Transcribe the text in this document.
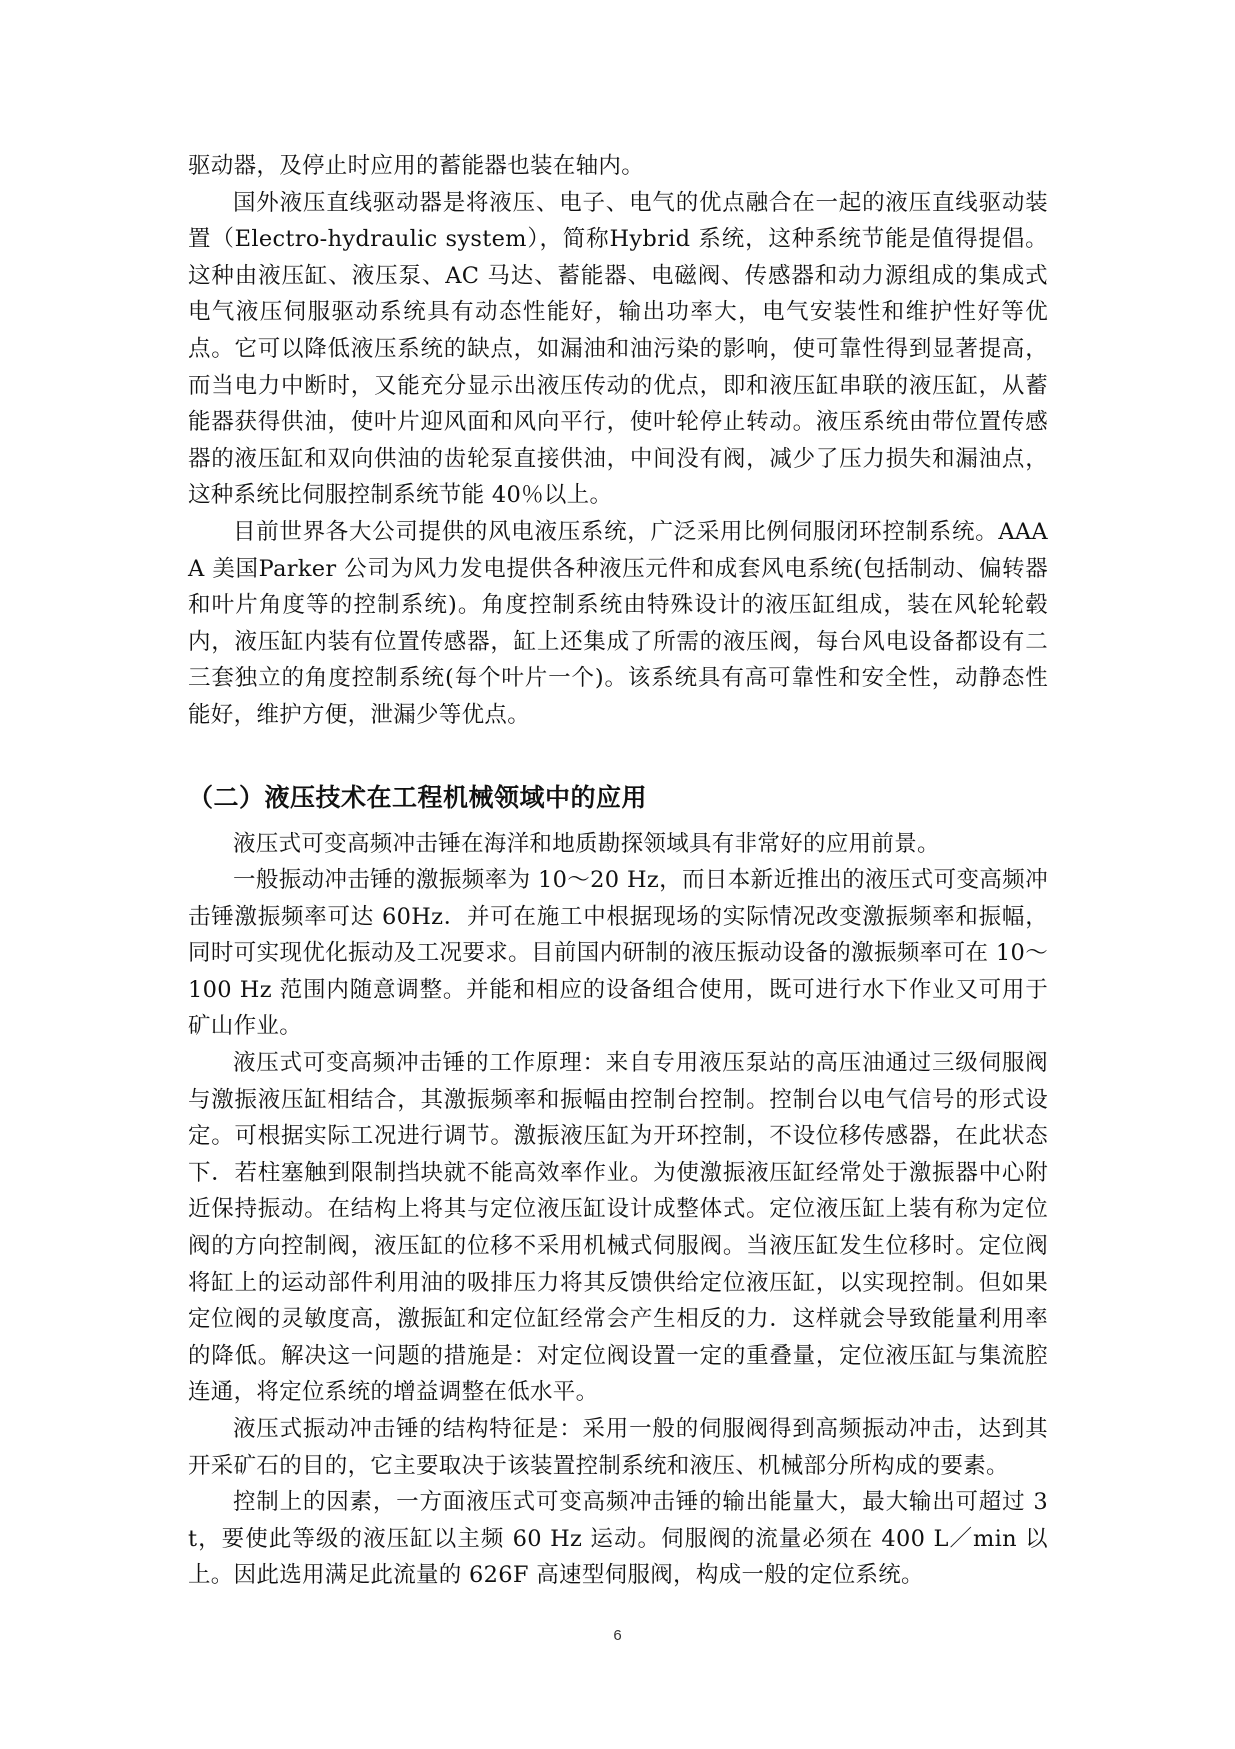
驱动器，及停止时应用的蓄能器也装在轴内。

国外液压直线驱动器是将液压、电子、电气的优点融合在一起的液压直线驱动装置（Electro-hydraulic system），简称Hybrid 系统，这种系统节能是值得提倡。这种由液压缸、液压泵、AC 马达、蓄能器、电磁阀、传感器和动力源组成的集成式电气液压伺服驱动系统具有动态性能好，输出功率大，电气安装性和维护性好等优点。它可以降低液压系统的缺点，如漏油和油污染的影响，使可靠性得到显著提高，而当电力中断时，又能充分显示出液压传动的优点，即和液压缸串联的液压缸，从蓄能器获得供油，使叶片迎风面和风向平行，使叶轮停止转动。液压系统由带位置传感器的液压缸和双向供油的齿轮泵直接供油，中间没有阀，减少了压力损失和漏油点，这种系统比伺服控制系统节能 40％以上。

目前世界各大公司提供的风电液压系统，广泛采用比例伺服闭环控制系统。AAAA 美国Parker 公司为风力发电提供各种液压元件和成套风电系统(包括制动、偏转器和叶片角度等的控制系统)。角度控制系统由特殊设计的液压缸组成，装在风轮轮毂内，液压缸内装有位置传感器，缸上还集成了所需的液压阀，每台风电设备都设有二三套独立的角度控制系统(每个叶片一个)。该系统具有高可靠性和安全性，动静态性能好，维护方便，泄漏少等优点。

（二）液压技术在工程机械领域中的应用

液压式可变高频冲击锤在海洋和地质勘探领域具有非常好的应用前景。

一般振动冲击锤的激振频率为 10～20 Hz，而日本新近推出的液压式可变高频冲击锤激振频率可达 60Hz．并可在施工中根据现场的实际情况改变激振频率和振幅，同时可实现优化振动及工况要求。目前国内研制的液压振动设备的激振频率可在 10～100 Hz 范围内随意调整。并能和相应的设备组合使用，既可进行水下作业又可用于矿山作业。

液压式可变高频冲击锤的工作原理：来自专用液压泵站的高压油通过三级伺服阀与激振液压缸相结合，其激振频率和振幅由控制台控制。控制台以电气信号的形式设定。可根据实际工况进行调节。激振液压缸为开环控制，不设位移传感器，在此状态下．若柱塞触到限制挡块就不能高效率作业。为使激振液压缸经常处于激振器中心附近保持振动。在结构上将其与定位液压缸设计成整体式。定位液压缸上装有称为定位阀的方向控制阀，液压缸的位移不采用机械式伺服阀。当液压缸发生位移时。定位阀将缸上的运动部件利用油的吸排压力将其反馈供给定位液压缸，以实现控制。但如果定位阀的灵敏度高，激振缸和定位缸经常会产生相反的力．这样就会导致能量利用率的降低。解决这一问题的措施是：对定位阀设置一定的重叠量，定位液压缸与集流腔连通，将定位系统的增益调整在低水平。

液压式振动冲击锤的结构特征是：采用一般的伺服阀得到高频振动冲击，达到其开采矿石的目的，它主要取决于该装置控制系统和液压、机械部分所构成的要素。

控制上的因素，一方面液压式可变高频冲击锤的输出能量大，最大输出可超过 3 t，要使此等级的液压缸以主频 60 Hz 运动。伺服阀的流量必须在 400 L／min 以上。因此选用满足此流量的 626F 高速型伺服阀，构成一般的定位系统。

6
